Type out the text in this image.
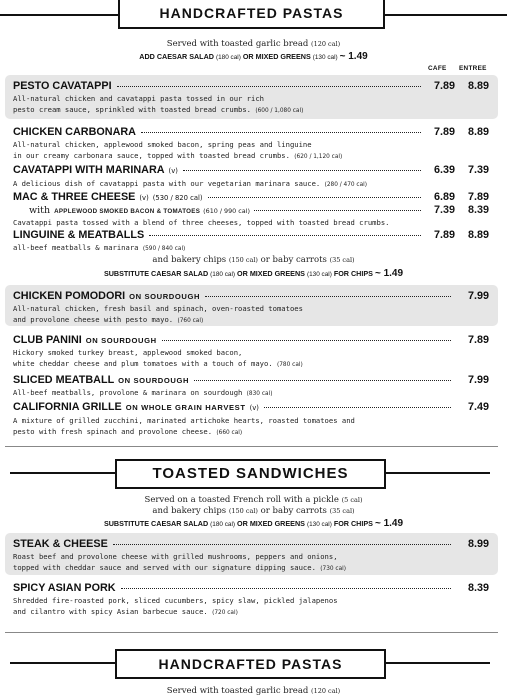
HANDCRAFTED PASTAS
Served with toasted garlic bread (120 cal)
ADD CAESAR SALAD (180 cal) OR MIXED GREENS (130 cal) ~ 1.49
CAFE ENTREE
PESTO CAVATAPPI	7.89	8.89
All-natural chicken and cavatappi pasta tossed in our rich
pesto cream sauce, sprinkled with toasted bread crumbs. (600 / 1,080 cal)
CHICKEN CARBONARA	7.89	8.89
All-natural chicken, applewood smoked bacon, spring peas and linguine
in our creamy carbonara sauce, topped with toasted bread crumbs. (620 / 1,120 cal)
CAVATAPPI WITH MARINARA (v)	6.39	7.39
A delicious dish of cavatappi pasta with our vegetarian marinara sauce. (280 / 470 cal)
MAC & THREE CHEESE (v) (530 / 820 cal)	6.89	7.89
with APPLEWOOD SMOKED BACON & TOMATOES (610 / 990 cal)	7.39	8.39
Cavatappi pasta tossed with a blend of three cheeses, topped with toasted bread crumbs.
LINGUINE & MEATBALLS	7.89	8.89
all-beef meatballs & marinara (590 / 840 cal)
and bakery chips (150 cal) or baby carrots (35 cal)
SUBSTITUTE CAESAR SALAD (180 cal) OR MIXED GREENS (130 cal) FOR CHIPS ~ 1.49
CHICKEN POMODORI ON SOURDOUGH	7.99
All-natural chicken, fresh basil and spinach, oven-roasted tomatoes
and provolone cheese with pesto mayo. (760 cal)
CLUB PANINI ON SOURDOUGH	7.89
Hickory smoked turkey breast, applewood smoked bacon,
white cheddar cheese and plum tomatoes with a touch of mayo. (780 cal)
SLICED MEATBALL ON SOURDOUGH	7.99
All-beef meatballs, provolone & marinara on sourdough (830 cal)
CALIFORNIA GRILLE ON WHOLE GRAIN HARVEST (v)	7.49
A mixture of grilled zucchini, marinated artichoke hearts, roasted tomatoes and
pesto with fresh spinach and provolone cheese. (660 cal)
TOASTED SANDWICHES
Served on a toasted French roll with a pickle (5 cal)
and bakery chips (150 cal) or baby carrots (35 cal)
SUBSTITUTE CAESAR SALAD (180 cal) OR MIXED GREENS (130 cal) FOR CHIPS ~ 1.49
STEAK & CHEESE	8.99
Roast beef and provolone cheese with grilled mushrooms, peppers and onions,
topped with cheddar sauce and served with our signature dipping sauce. (730 cal)
SPICY ASIAN PORK	8.39
Shredded fire-roasted pork, sliced cucumbers, spicy slaw, pickled jalapenos
and cilantro with spicy Asian barbecue sauce. (720 cal)
HANDCRAFTED PASTAS
Served with toasted garlic bread (120 cal)
